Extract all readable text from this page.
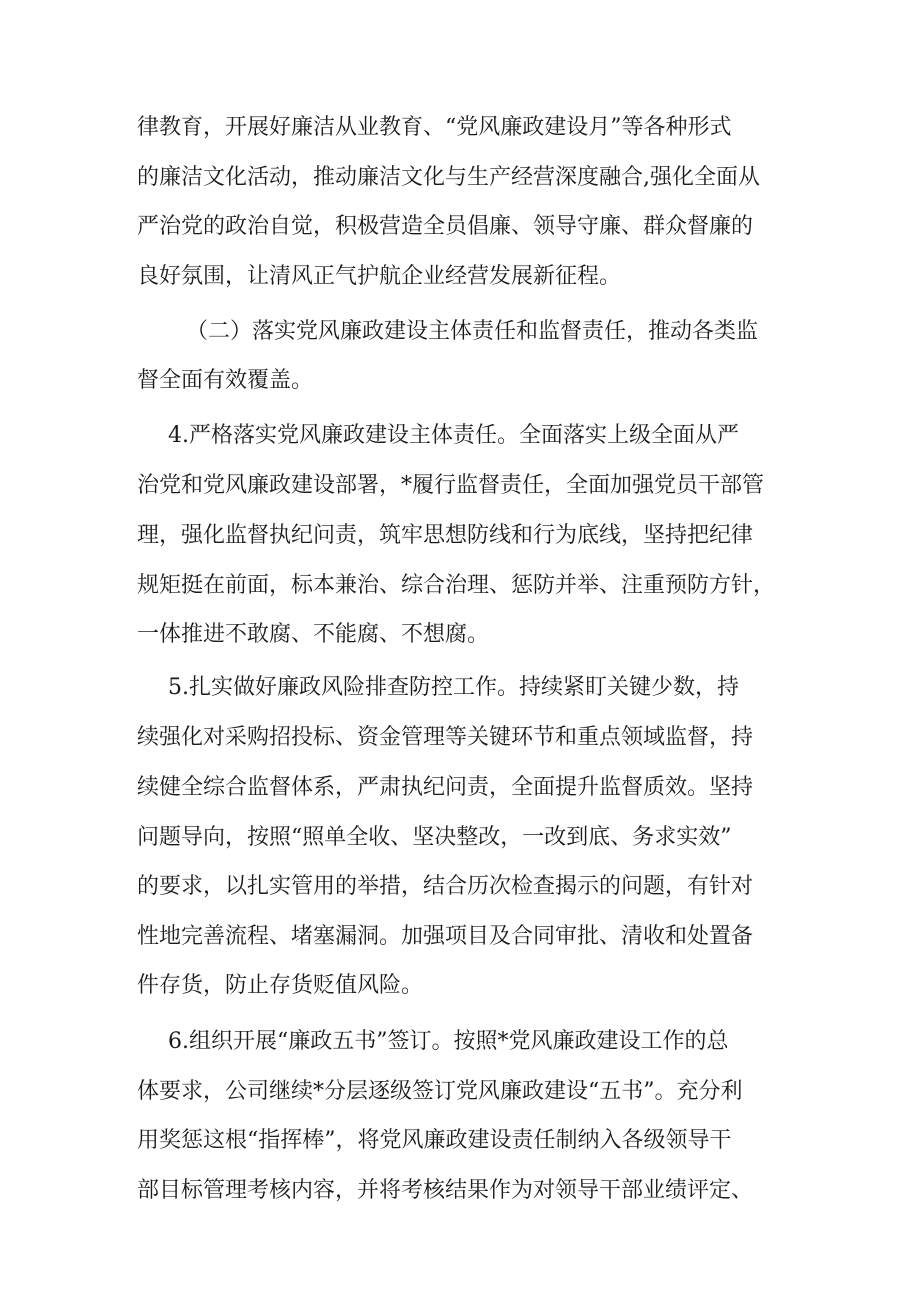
律教育，开展好廉洁从业教育、“党风廉政建设月”等各种形式
的廉洁文化活动，推动廉洁文化与生产经营深度融合,强化全面从
严治党的政治自觉，积极营造全员倡廉、领导守廉、群众督廉的
良好氛围，让清风正气护航企业经营发展新征程。
（二）落实党风廉政建设主体责任和监督责任，推动各类监
督全面有效覆盖。
4.严格落实党风廉政建设主体责任。全面落实上级全面从严
治党和党风廉政建设部署，*履行监督责任，全面加强党员干部管
理，强化监督执纪问责，筑牢思想防线和行为底线，坚持把纪律
规矩挺在前面，标本兼治、综合治理、惩防并举、注重预防方针，
一体推进不敢腐、不能腐、不想腐。
5.扎实做好廉政风险排查防控工作。持续紧盯关键少数，持
续强化对采购招投标、资金管理等关键环节和重点领域监督，持
续健全综合监督体系，严肃执纪问责，全面提升监督质效。坚持
问题导向，按照“照单全收、坚决整改，一改到底、务求实效”
的要求，以扎实管用的举措，结合历次检查揭示的问题，有针对
性地完善流程、堵塞漏洞。加强项目及合同审批、清收和处置备
件存货，防止存货贬值风险。
6.组织开展“廉政五书”签订。按照*党风廉政建设工作的总
体要求，公司继续*分层逐级签订党风廉政建设“五书”。充分利
用奖惩这根“指挥棒”，将党风廉政建设责任制纳入各级领导干
部目标管理考核内容，并将考核结果作为对领导干部业绩评定、
